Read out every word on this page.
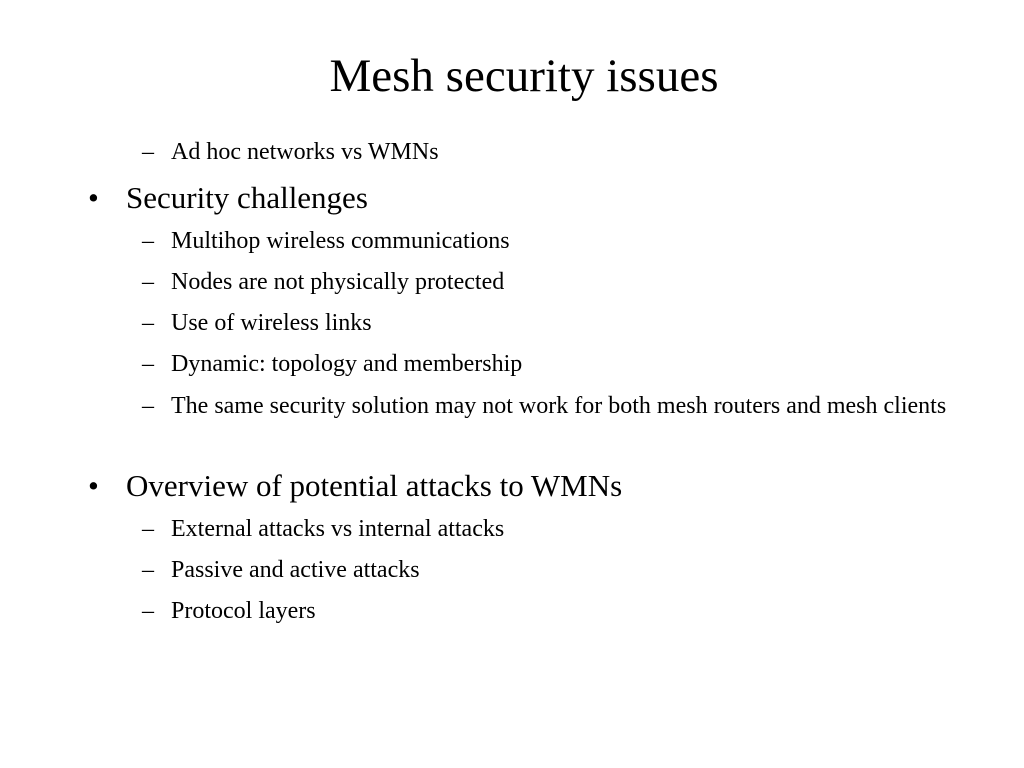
Mesh security issues
– Ad hoc networks vs WMNs
• Security challenges
– Multihop wireless communications
– Nodes are not physically protected
– Use of wireless links
– Dynamic: topology and membership
– The same security solution may not work for both mesh routers and mesh clients
• Overview of potential attacks to WMNs
– External attacks vs internal attacks
– Passive and active attacks
– Protocol layers
